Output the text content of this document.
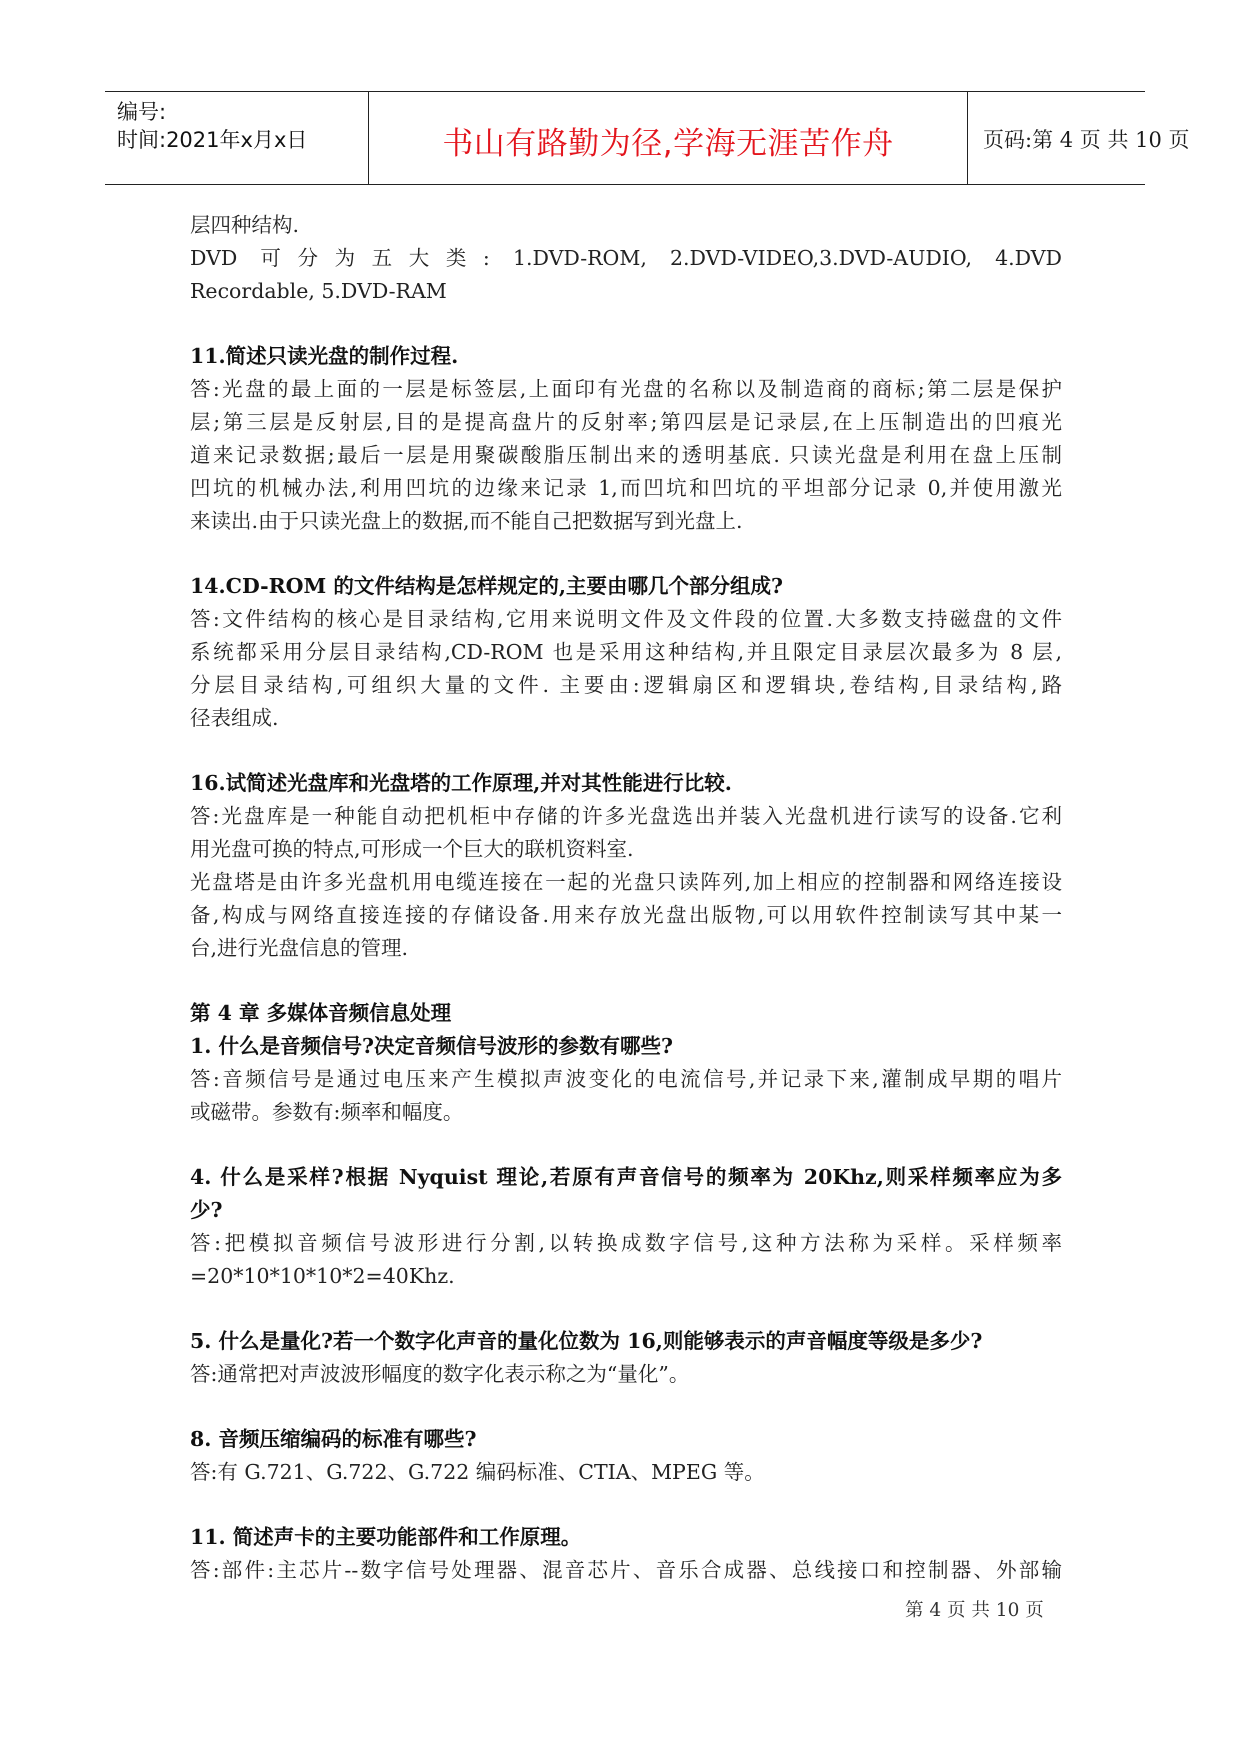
编号:
时间:2021年x月x日	书山有路勤为径,学海无涯苦作舟	页码:第 4 页 共 10 页
层四种结构.
DVD 可分为五大类: 1.DVD-ROM, 2.DVD-VIDEO,3.DVD-AUDIO, 4.DVD
Recordable, 5.DVD-RAM
11.简述只读光盘的制作过程.
答:光盘的最上面的一层是标签层,上面印有光盘的名称以及制造商的商标;第二层是保护
层;第三层是反射层,目的是提高盘片的反射率;第四层是记录层,在上压制造出的凹痕光
道来记录数据;最后一层是用聚碳酸脂压制出来的透明基底. 只读光盘是利用在盘上压制
凹坑的机械办法,利用凹坑的边缘来记录 1,而凹坑和凹坑的平坦部分记录 0,并使用激光
来读出.由于只读光盘上的数据,而不能自己把数据写到光盘上.
14.CD-ROM 的文件结构是怎样规定的,主要由哪几个部分组成?
答:文件结构的核心是目录结构,它用来说明文件及文件段的位置.大多数支持磁盘的文件
系统都采用分层目录结构,CD-ROM 也是采用这种结构,并且限定目录层次最多为 8 层,
分层目录结构,可组织大量的文件. 主要由:逻辑扇区和逻辑块,卷结构,目录结构,路
径表组成.
16.试简述光盘库和光盘塔的工作原理,并对其性能进行比较.
答:光盘库是一种能自动把机柜中存储的许多光盘选出并装入光盘机进行读写的设备.它利
用光盘可换的特点,可形成一个巨大的联机资料室.
光盘塔是由许多光盘机用电缆连接在一起的光盘只读阵列,加上相应的控制器和网络连接设
备,构成与网络直接连接的存储设备.用来存放光盘出版物,可以用软件控制读写其中某一
台,进行光盘信息的管理.
第 4 章 多媒体音频信息处理
1. 什么是音频信号?决定音频信号波形的参数有哪些?
答:音频信号是通过电压来产生模拟声波变化的电流信号,并记录下来,灌制成早期的唱片
或磁带。参数有:频率和幅度。
4. 什么是采样?根据 Nyquist 理论,若原有声音信号的频率为 20Khz,则采样频率应为多
少?
答:把模拟音频信号波形进行分割,以转换成数字信号,这种方法称为采样。采样频率
=20*10*10*10*2=40Khz.
5. 什么是量化?若一个数字化声音的量化位数为 16,则能够表示的声音幅度等级是多少?
答:通常把对声波波形幅度的数字化表示称之为“量化”。
8. 音频压缩编码的标准有哪些?
答:有 G.721、G.722、G.722 编码标准、CTIA、MPEG 等。
11. 简述声卡的主要功能部件和工作原理。
答:部件:主芯片--数字信号处理器、混音芯片、音乐合成器、总线接口和控制器、外部输
第 4 页 共 10 页
